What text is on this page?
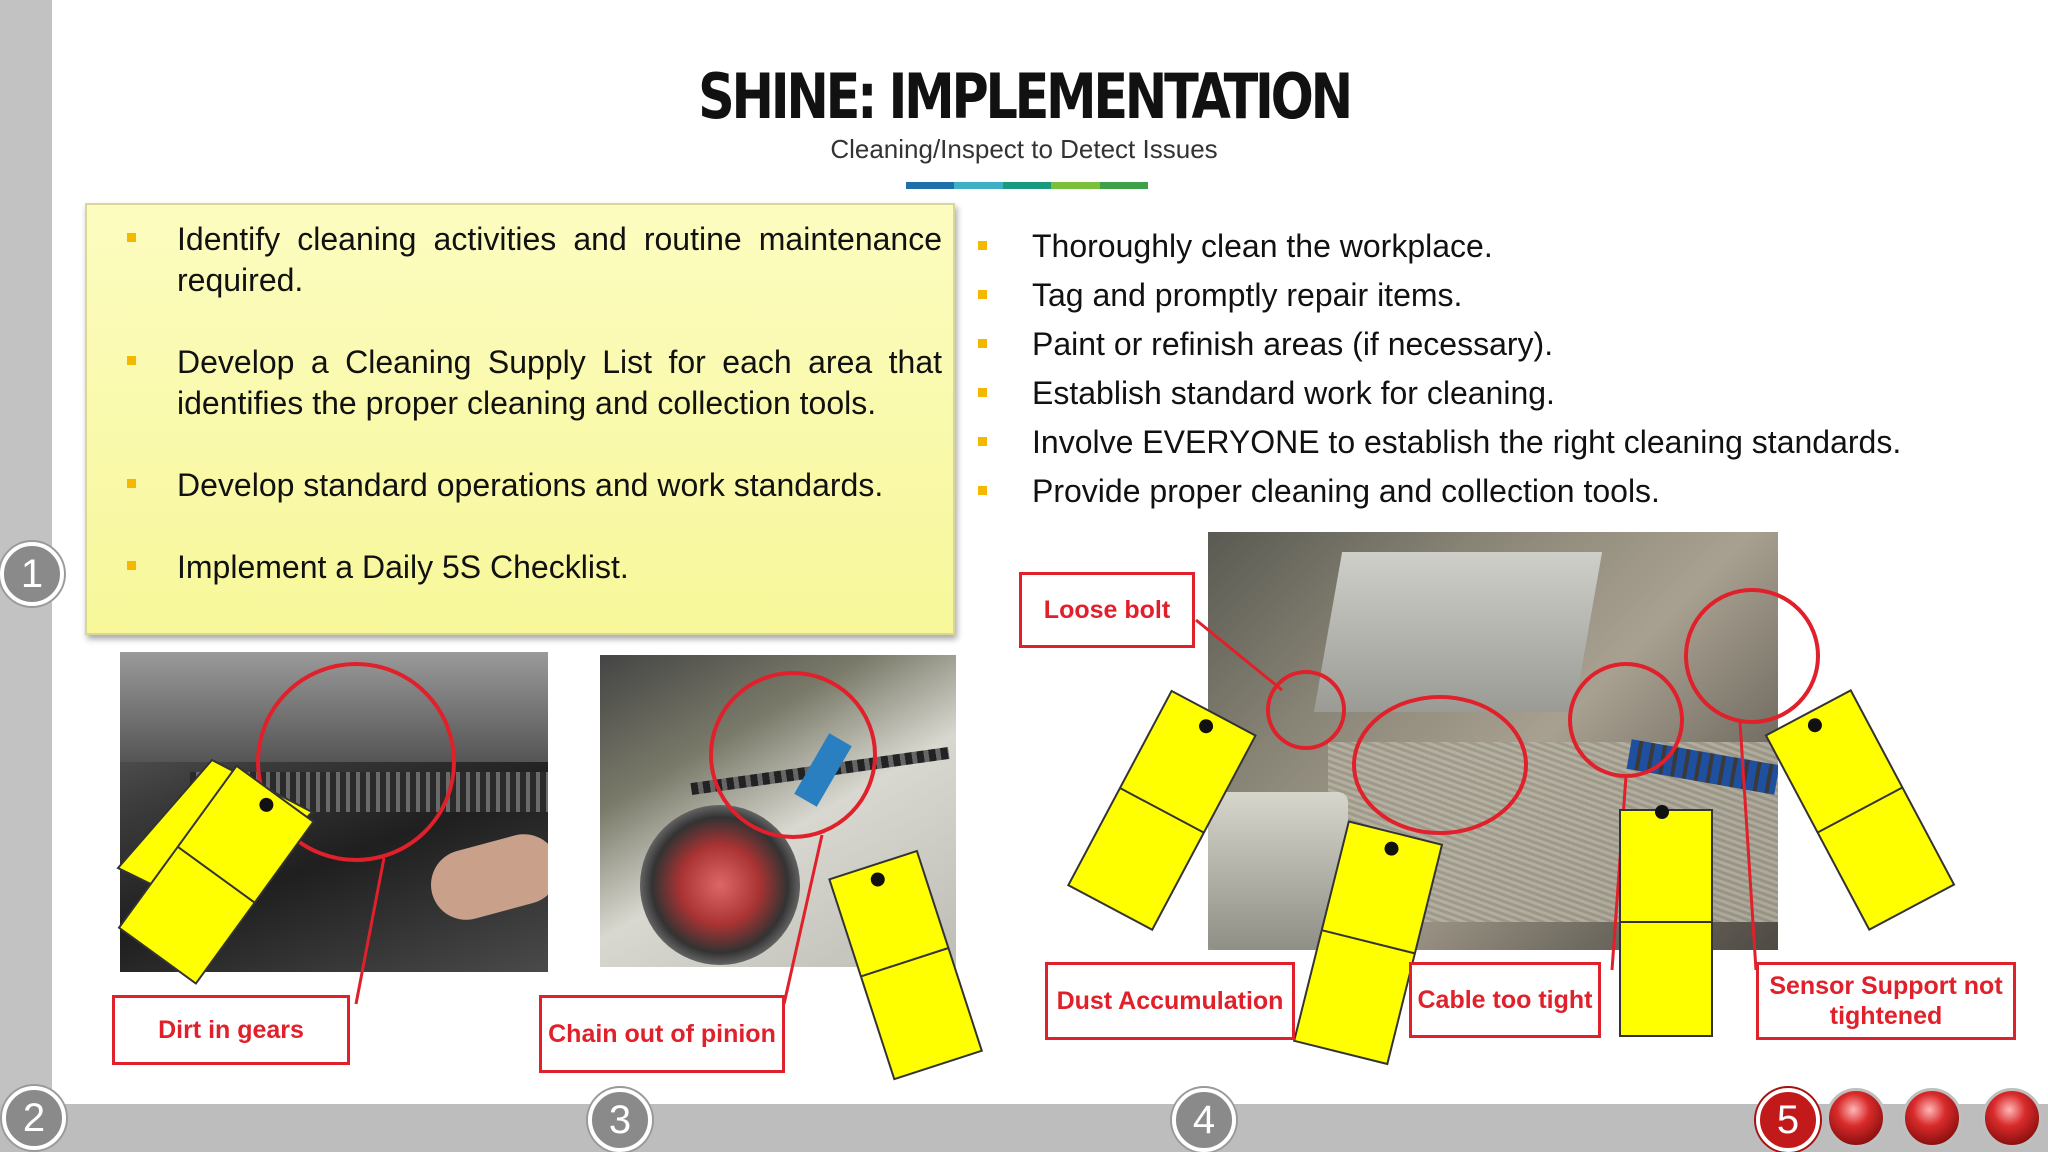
SHINE: IMPLEMENTATION
Cleaning/Inspect to Detect Issues
Identify cleaning activities and routine maintenance required.
Develop a Cleaning Supply List for each area that identifies the proper cleaning and collection tools.
Develop standard operations and work standards.
Implement a Daily 5S Checklist.
Thoroughly clean the workplace.
Tag and promptly repair items.
Paint or refinish areas (if necessary).
Establish standard work for cleaning.
Involve EVERYONE to establish the right cleaning standards.
Provide proper cleaning and collection tools.
Dirt in gears	Chain out of pinion
Loose bolt
Dust Accumulation	Cable too tight	Sensor Support not tightened
1
2	3	4	5
